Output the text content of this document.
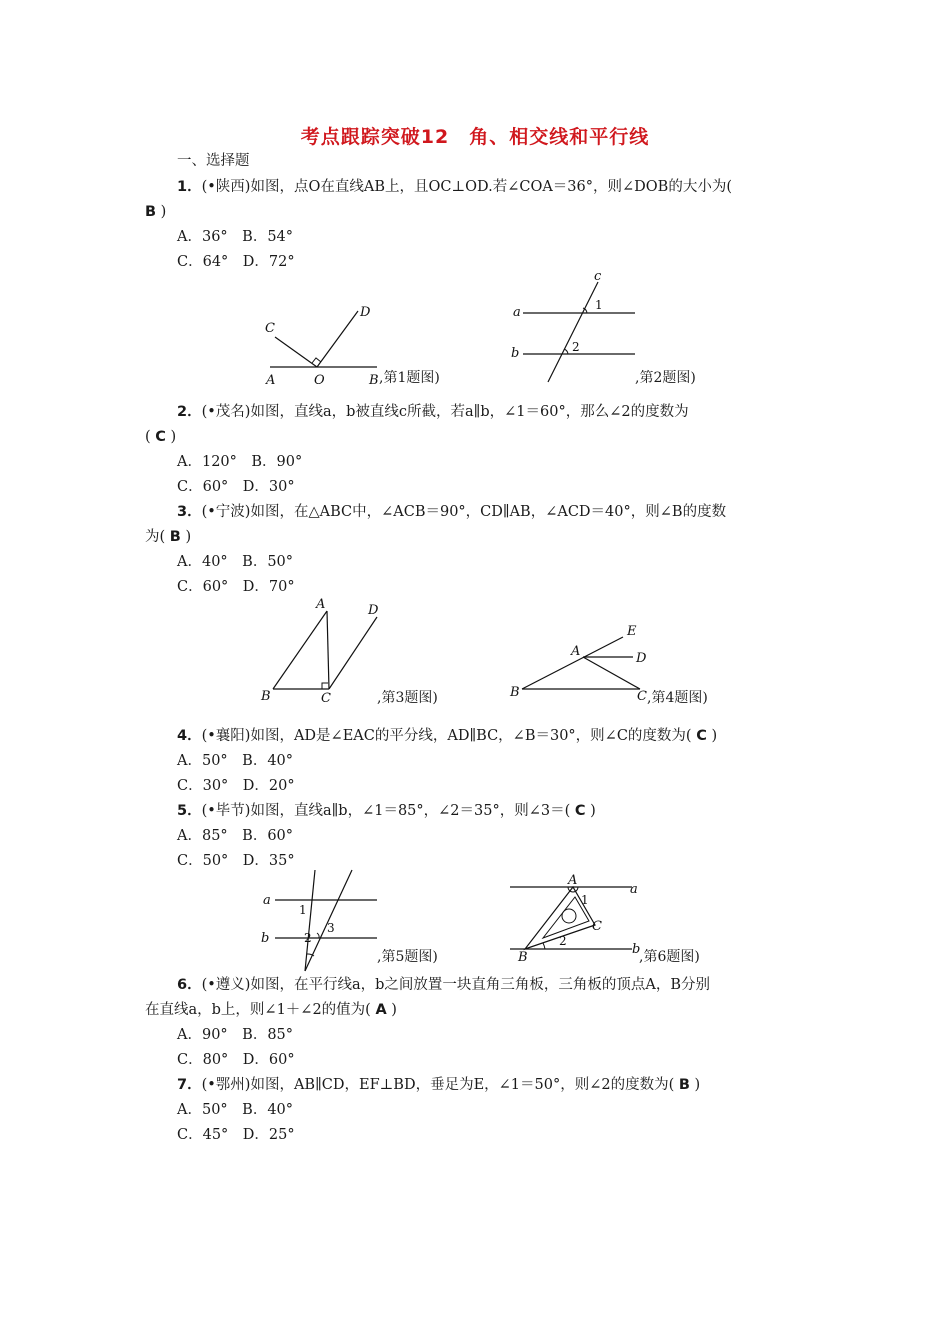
考点跟踪突破12　角、相交线和平行线
一、选择题
1．(•陕西)如图，点O在直线AB上，且OC⊥OD.若∠COA＝36°，则∠DOB的大小为(
B )
A．36°　B．54°
C．64°　D．72°
A	O	B
C
D
,第1题图)
a
b
c
1
2
,第2题图)
2．(•茂名)如图，直线a，b被直线c所截，若a∥b，∠1＝60°，那么∠2的度数为
( C )
A．120°　B．90°
C．60°　D．30°
3．(•宁波)如图，在△ABC中，∠ACB＝90°，CD∥AB，∠ACD＝40°，则∠B的度数
为( B )
A．40°　B．50°
C．60°　D．70°
A	D
B	C	,第3题图)
A
E
D
B	C ,第4题图)
4．(•襄阳)如图，AD是∠EAC的平分线，AD∥BC，∠B＝30°，则∠C的度数为( C )
A．50°　B．40°
C．30°　D．20°
5．(•毕节)如图，直线a∥b，∠1＝85°，∠2＝35°，则∠3＝( C )
A．85°　B．60°
C．50°　D．35°
a
b
1
2
3
,第5题图)
A
a
1
C
B
2
b
,第6题图)
6．(•遵义)如图，在平行线a，b之间放置一块直角三角板，三角板的顶点A，B分别
在直线a，b上，则∠1＋∠2的值为( A )
A．90°　B．85°
C．80°　D．60°
7．(•鄂州)如图，AB∥CD，EF⊥BD，垂足为E，∠1＝50°，则∠2的度数为( B )
A．50°　B．40°
C．45°　D．25°
